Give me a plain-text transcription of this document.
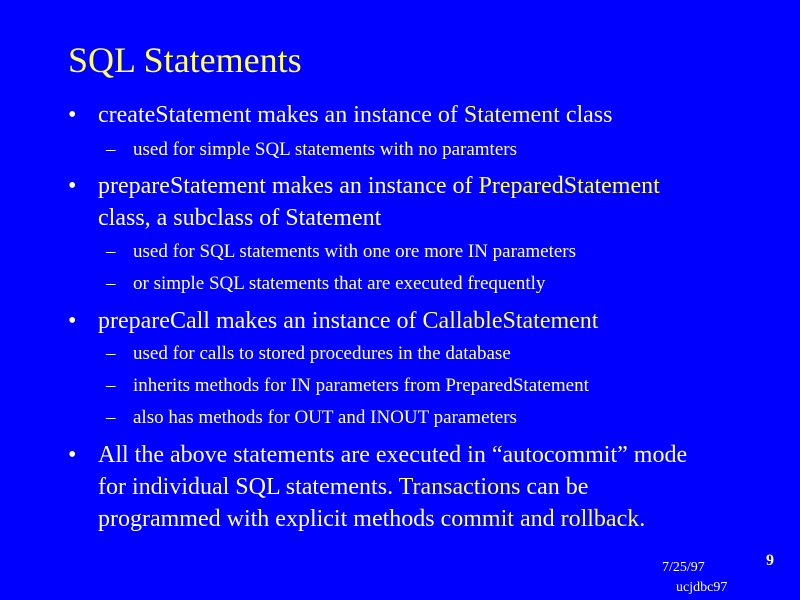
SQL Statements
• createStatement makes an instance of Statement class
– used for simple SQL statements with no paramters
• prepareStatement makes an instance of PreparedStatement
class, a subclass of Statement
– used for SQL statements with one ore more IN parameters
– or simple SQL statements that are executed frequently
• prepareCall makes an instance of CallableStatement
– used for calls to stored procedures in the database
– inherits methods for IN parameters from PreparedStatement
– also has methods for OUT and INOUT parameters
• All the above statements are executed in “autocommit” mode
for individual SQL statements. Transactions can be
programmed with explicit methods commit and rollback.
7/25/97
ucjdbc97
9
